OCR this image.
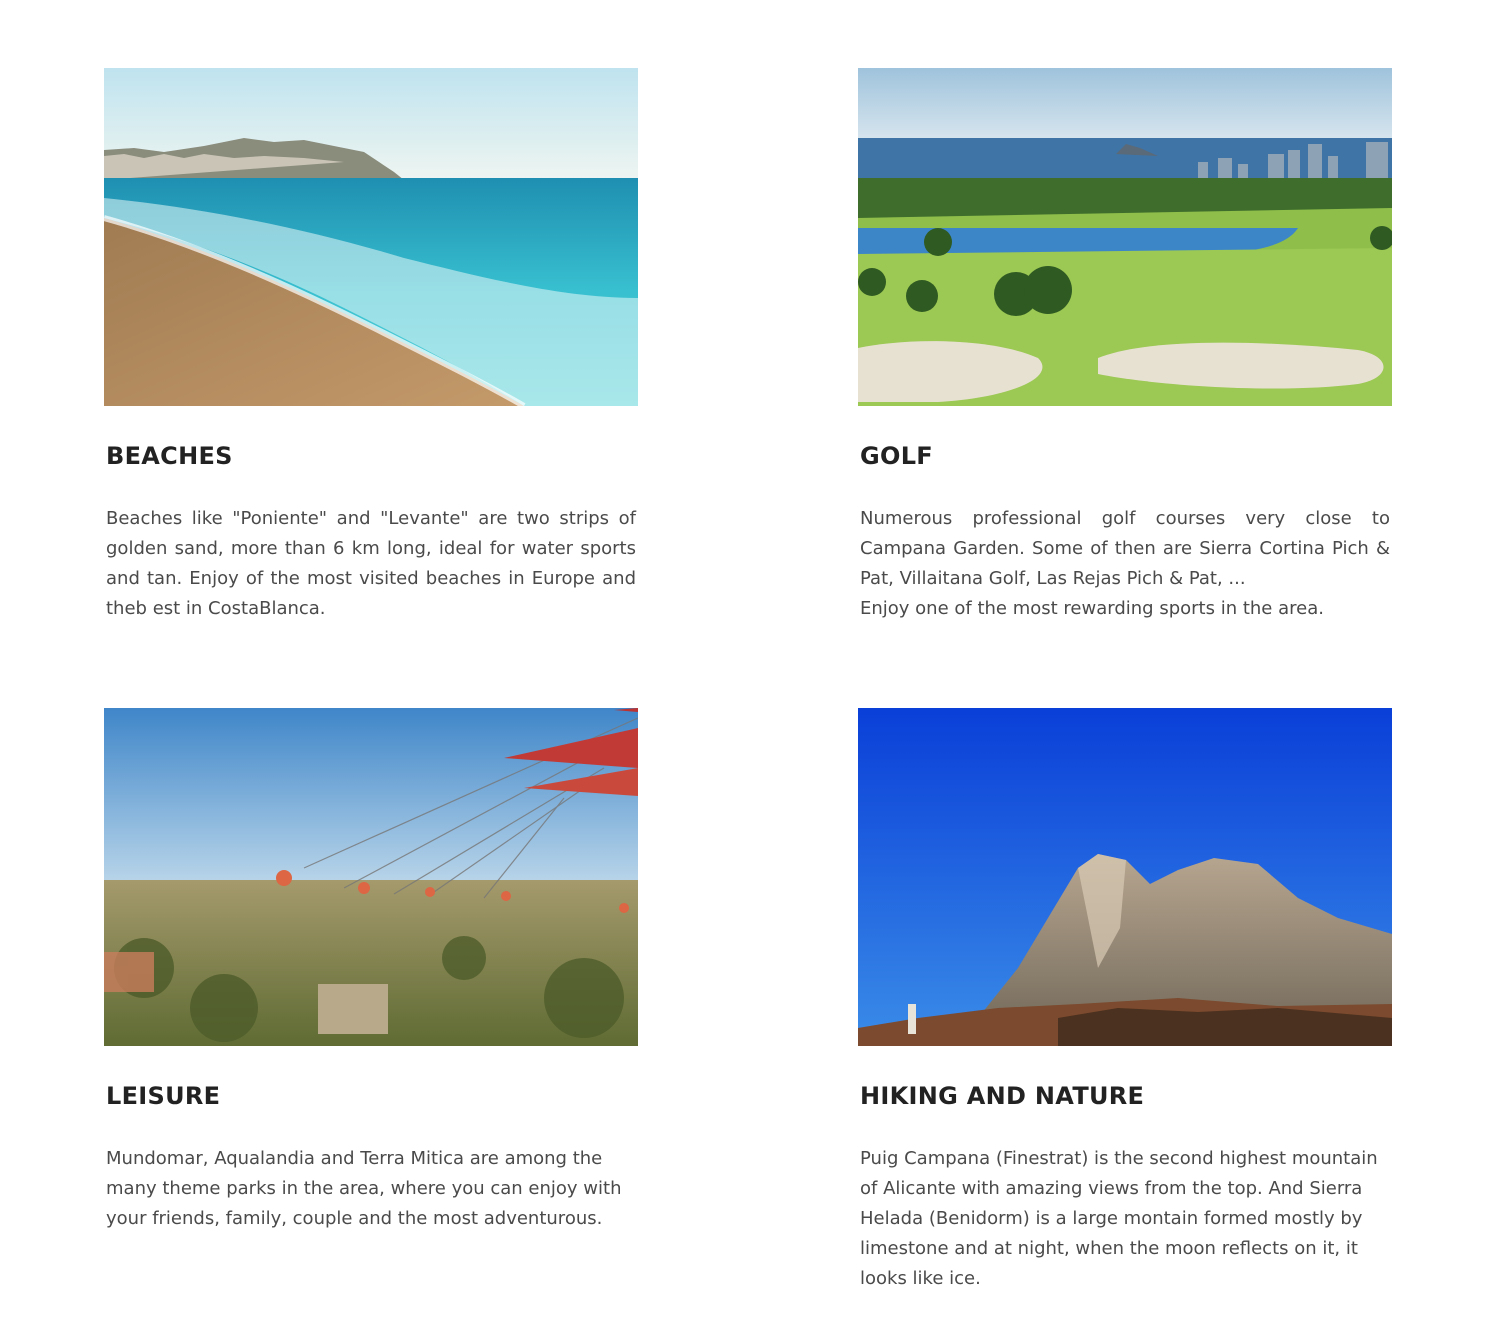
BEACHES

Beaches like "Poniente" and "Levante" are two strips of golden sand, more than 6 km long, ideal for water sports and tan. Enjoy of the most visited beaches in Europe and theb est in CostaBlanca.

GOLF

Numerous professional golf courses very close to Campana Garden. Some of then are Sierra Cortina Pich & Pat, Villaitana Golf, Las Rejas Pich & Pat, ...

Enjoy one of the most rewarding sports in the area.

LEISURE

Mundomar, Aqualandia and Terra Mitica are among the many theme parks in the area, where you can enjoy with your friends, family, couple and the most adventurous.

HIKING AND NATURE

Puig Campana (Finestrat) is the second highest mountain of Alicante with amazing views from the top. And Sierra Helada (Benidorm) is a large montain formed mostly by limestone and at night, when the moon reflects on it, it looks like ice.
